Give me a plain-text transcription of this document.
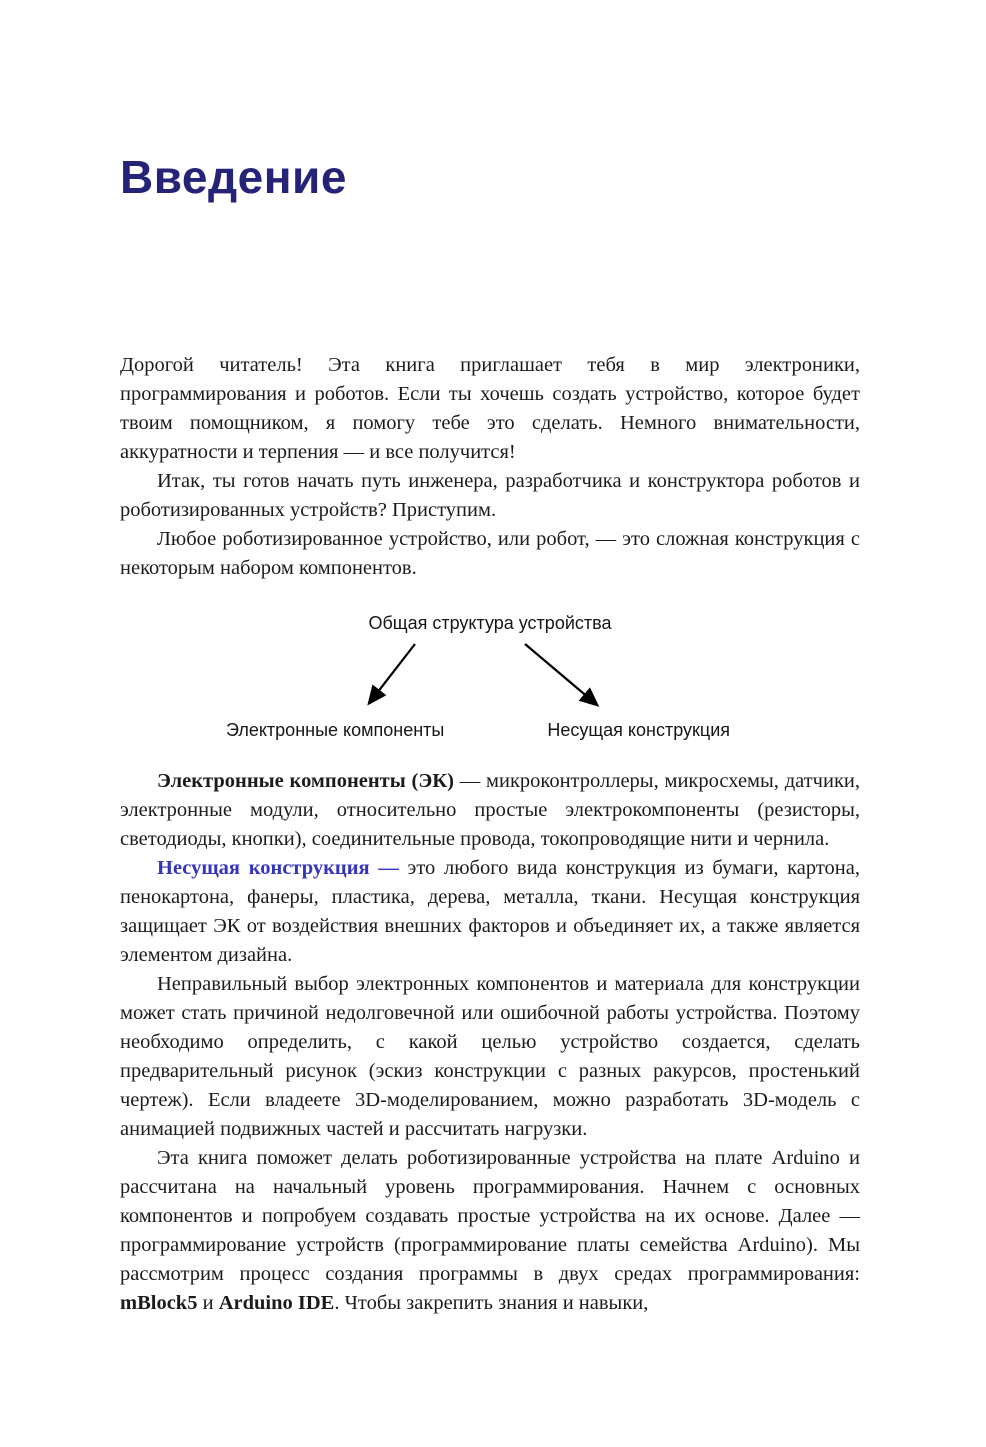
Введение

Дорогой читатель! Эта книга приглашает тебя в мир электроники, программирования и роботов. Если ты хочешь создать устройство, которое будет твоим помощником, я помогу тебе это сделать. Немного внимательности, аккуратности и терпения — и все получится!

Итак, ты готов начать путь инженера, разработчика и конструктора роботов и роботизированных устройств? Приступим.

Любое роботизированное устройство, или робот, — это сложная конструкция с некоторым набором компонентов.

Общая структура устройства
Электронные компоненты	Несущая конструкция

Электронные компоненты (ЭК) — микроконтроллеры, микросхемы, датчики, электронные модули, относительно простые электрокомпоненты (резисторы, светодиоды, кнопки), соединительные провода, токопроводящие нити и чернила.

Несущая конструкция — это любого вида конструкция из бумаги, картона, пенокартона, фанеры, пластика, дерева, металла, ткани. Несущая конструкция защищает ЭК от воздействия внешних факторов и объединяет их, а также является элементом дизайна.

Неправильный выбор электронных компонентов и материала для конструкции может стать причиной недолговечной или ошибочной работы устройства. Поэтому необходимо определить, с какой целью устройство создается, сделать предварительный рисунок (эскиз конструкции с разных ракурсов, простенький чертеж). Если владеете 3D-моделированием, можно разработать 3D-модель с анимацией подвижных частей и рассчитать нагрузки.

Эта книга поможет делать роботизированные устройства на плате Arduino и рассчитана на начальный уровень программирования. Начнем с основных компонентов и попробуем создавать простые устройства на их основе. Далее — программирование устройств (программирование платы семейства Arduino). Мы рассмотрим процесс создания программы в двух средах программирования: mBlock5 и Arduino IDE. Чтобы закрепить знания и навыки,
